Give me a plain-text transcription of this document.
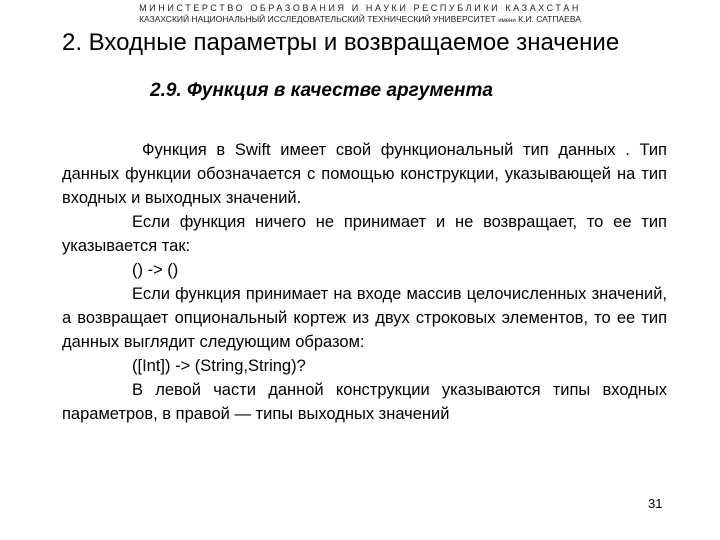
МИНИСТЕРСТВО ОБРАЗОВАНИЯ И НАУКИ РЕСПУБЛИКИ КАЗАХСТАН
КАЗАХСКИЙ НАЦИОНАЛЬНЫЙ ИССЛЕДОВАТЕЛЬСКИЙ ТЕХНИЧЕСКИЙ УНИВЕРСИТЕТ имени К.И. САТПАЕВА
2. Входные параметры и возвращаемое значение
2.9. Функция в качестве аргумента

Функция в Swift имеет свой функциональный тип данных . Тип данных функции обозначается с помощью конструкции, указывающей на тип входных и выходных значений.

Если функция ничего не принимает и не возвращает, то ее тип указывается так:

() -> ()

Если функция принимает на входе массив целочисленных значений, а возвращает опциональный кортеж из двух строковых элементов, то ее тип данных выглядит следующим образом:

([Int]) -> (String,String)?

В левой части данной конструкции указываются типы входных параметров, в правой — типы выходных значений

31
